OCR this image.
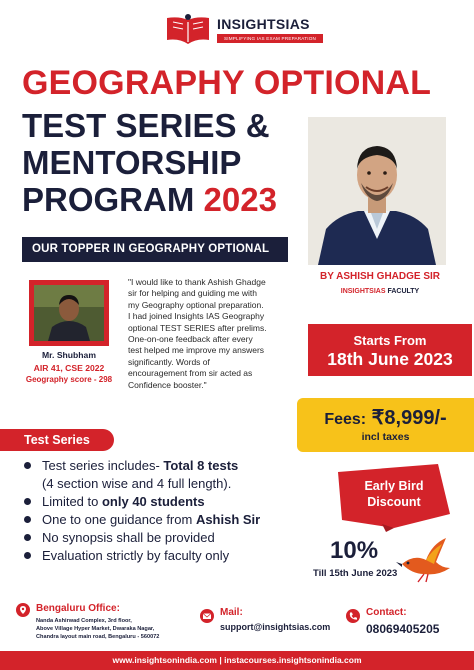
INSIGHTSIAS
SIMPLIFYING IAS EXAM PREPARATION
GEOGRAPHY OPTIONAL
TEST SERIES &
MENTORSHIP
PROGRAM 2023
BY ASHISH GHADGE SIR
INSIGHTSIAS FACULTY
OUR TOPPER IN GEOGRAPHY OPTIONAL
Mr. Shubham
AIR 41, CSE 2022
Geography score - 298
"I would like to thank Ashish Ghadge
sir for helping and guiding me with
my Geography optional preparation.
I had joined Insights IAS Geography
optional TEST SERIES after prelims.
One-on-one feedback after every
test helped me improve my answers
significantly. Words of
encouragement from sir acted as
Confidence booster."
Starts From
18th June 2023
Fees: ₹8,999/-
incl taxes
Test Series
Test series includes- Total 8 tests
(4 section wise and 4 full length).
Limited to only 40 students
One to one guidance from Ashish Sir
No synopsis shall be provided
Evaluation strictly by faculty only
Early Bird
Discount
10%
Till 15th June 2023
Bengaluru Office:
Nanda Ashirwad Complex, 3rd floor,
Above Village Hyper Market, Dwaraka Nagar,
Chandra layout main road, Bengaluru - 560072
Mail:
support@insightsias.com
Contact:
08069405205
www.insightsonindia.com | instacourses.insightsonindia.com
